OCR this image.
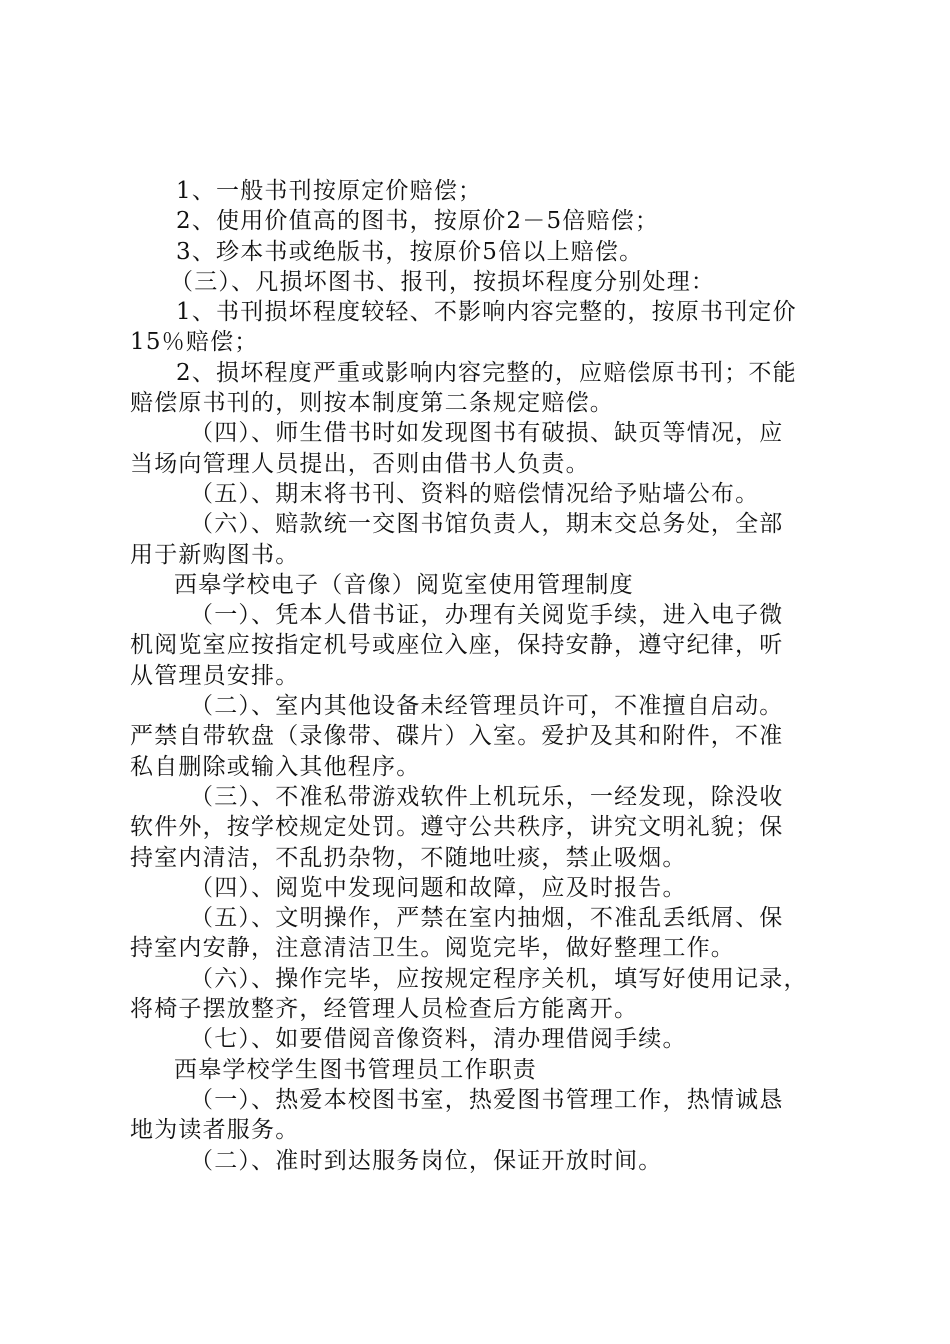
1、一般书刊按原定价赔偿；

2、使用价值高的图书，按原价2－5倍赔偿；

3、珍本书或绝版书，按原价5倍以上赔偿。

（三）、凡损坏图书、报刊，按损坏程度分别处理：

1、书刊损坏程度较轻、不影响内容完整的，按原书刊定价

15％赔偿；

2、损坏程度严重或影响内容完整的，应赔偿原书刊；不能

赔偿原书刊的，则按本制度第二条规定赔偿。

（四）、师生借书时如发现图书有破损、缺页等情况，应

当场向管理人员提出，否则由借书人负责。

（五）、期末将书刊、资料的赔偿情况给予贴墙公布。

（六）、赔款统一交图书馆负责人，期末交总务处，全部

用于新购图书。

西皋学校电子（音像）阅览室使用管理制度

（一）、凭本人借书证，办理有关阅览手续，进入电子微

机阅览室应按指定机号或座位入座，保持安静，遵守纪律，听

从管理员安排。

（二）、室内其他设备未经管理员许可，不准擅自启动。

严禁自带软盘（录像带、碟片）入室。爱护及其和附件，不准

私自删除或输入其他程序。

（三）、不准私带游戏软件上机玩乐，一经发现，除没收

软件外，按学校规定处罚。遵守公共秩序，讲究文明礼貌；保

持室内清洁，不乱扔杂物，不随地吐痰，禁止吸烟。

（四）、阅览中发现问题和故障，应及时报告。

（五）、文明操作，严禁在室内抽烟，不准乱丢纸屑、保

持室内安静，注意清洁卫生。阅览完毕，做好整理工作。

（六）、操作完毕，应按规定程序关机，填写好使用记录，

将椅子摆放整齐，经管理人员检查后方能离开。

（七）、如要借阅音像资料，清办理借阅手续。

西皋学校学生图书管理员工作职责

（一）、热爱本校图书室，热爱图书管理工作，热情诚恳

地为读者服务。

（二）、准时到达服务岗位，保证开放时间。
